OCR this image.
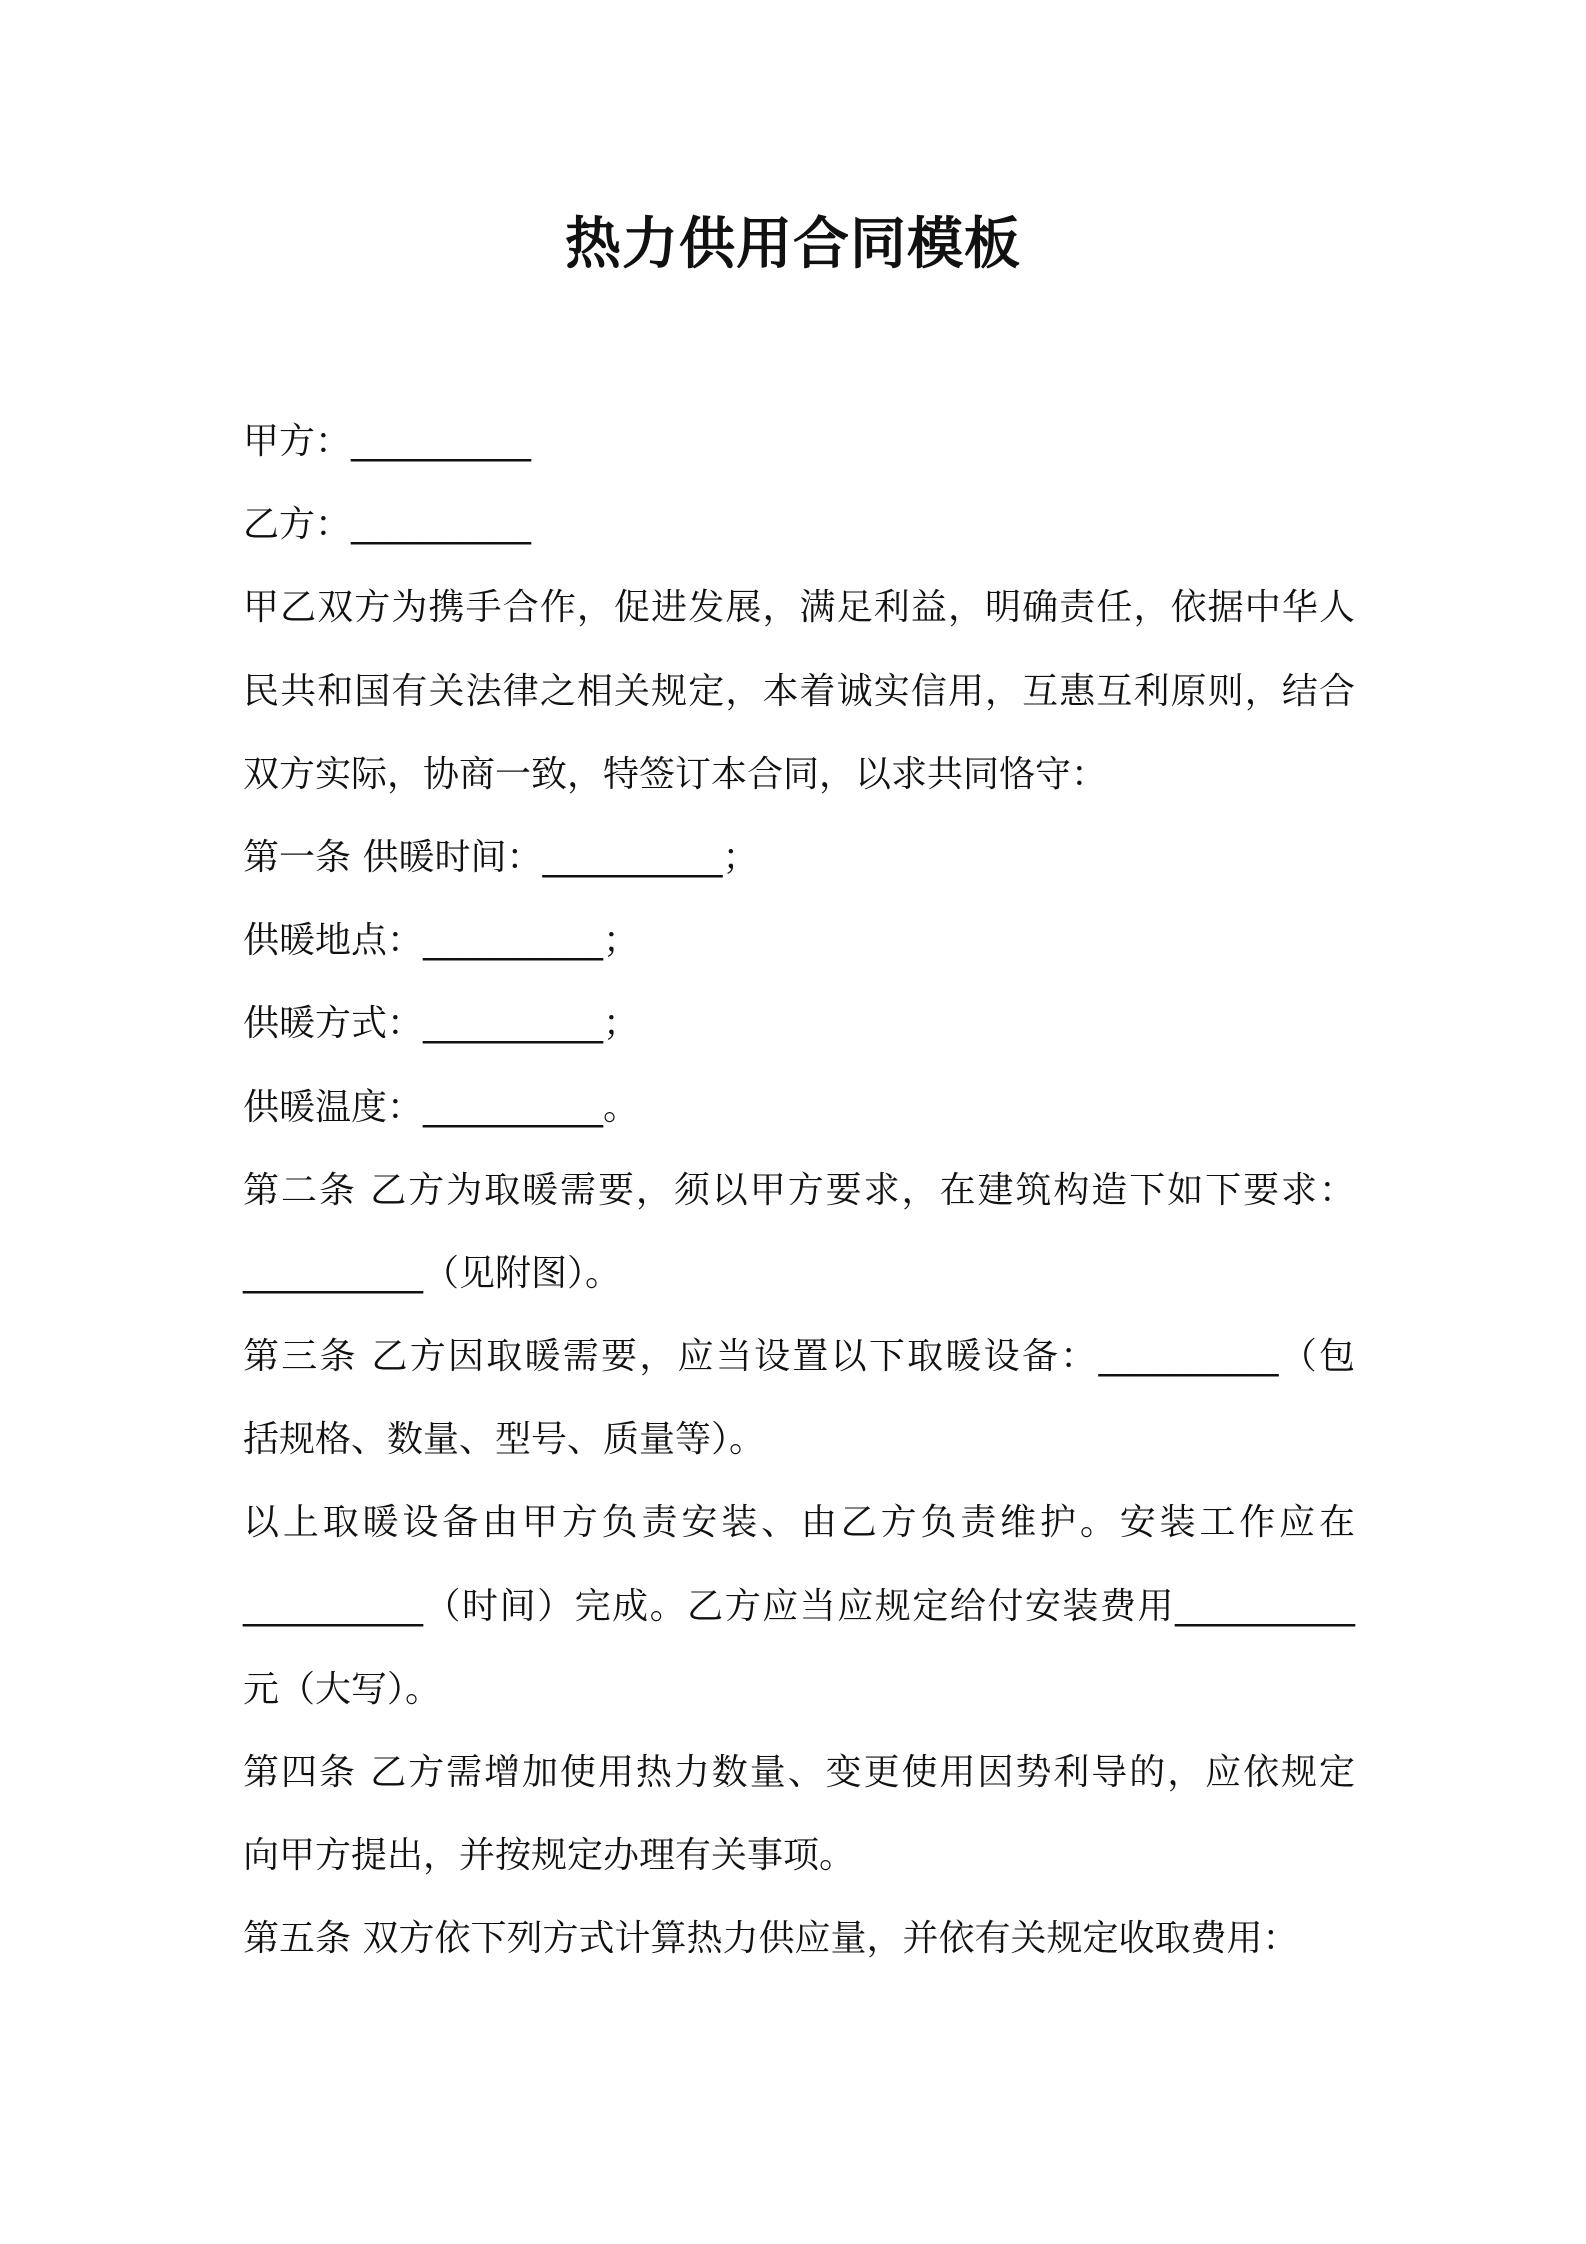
热力供用合同模板
甲方：__________
乙方：__________
甲乙双方为携手合作，促进发展，满足利益，明确责任，依据中华人
民共和国有关法律之相关规定，本着诚实信用，互惠互利原则，结合
双方实际，协商一致，特签订本合同，以求共同恪守：
第一条 供暖时间：__________；
供暖地点：__________；
供暖方式：__________；
供暖温度：__________。
第二条 乙方为取暖需要，须以甲方要求，在建筑构造下如下要求：
__________（见附图）。
第三条 乙方因取暖需要，应当设置以下取暖设备：__________（包
括规格、数量、型号、质量等）。
以上取暖设备由甲方负责安装、由乙方负责维护。安装工作应在
__________（时间）完成。乙方应当应规定给付安装费用__________
元（大写）。
第四条 乙方需增加使用热力数量、变更使用因势利导的，应依规定
向甲方提出，并按规定办理有关事项。
第五条 双方依下列方式计算热力供应量，并依有关规定收取费用：
